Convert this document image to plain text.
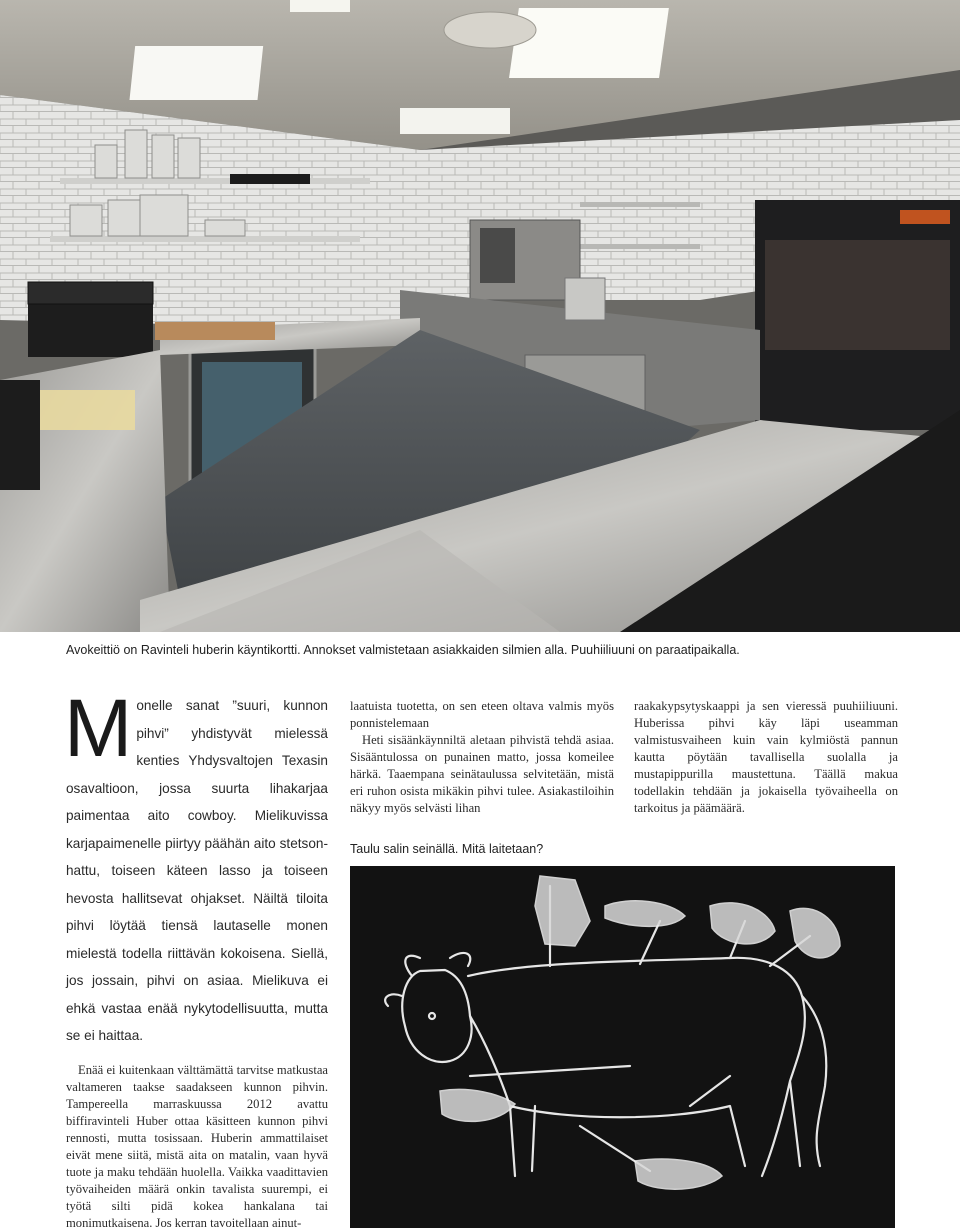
Avokeittiö on Ravinteli huberin käyntikortti. Annokset valmistetaan asiakkaiden silmien alla. Puuhiiliuuni on paraatipaikalla.

Monelle sanat ”suuri, kunnon pihvi” yhdistyvät mielessä kenties Yhdysvaltojen Texasin osavaltioon, jossa suurta lihakarjaa paimentaa aito cowboy. Mielikuvissa karjapaimenelle piirtyy päähän aito stetson-hattu, toiseen käteen lasso ja toiseen hevosta hallitsevat ohjakset. Näiltä tiloita pihvi löytää tiensä lautaselle monen mielestä todella riittävän kokoisena. Siellä, jos jossain, pihvi on asiaa. Mielikuva ei ehkä vastaa enää nykytodellisuutta, mutta se ei haittaa.

Enää ei kuitenkaan välttämättä tarvitse matkustaa valtameren taakse saadakseen kunnon pihvin. Tampereella marraskuussa 2012 avattu biffiravinteli Huber ottaa käsitteen kunnon pihvi rennosti, mutta tosissaan. Huberin ammattilaiset eivät mene siitä, mistä aita on matalin, vaan hyvä tuote ja maku tehdään huolella. Vaikka vaadittavien työvaiheiden määrä onkin tavalista suurempi, ei työtä silti pidä kokea hankalana tai monimutkaisena. Jos kerran tavoitellaan ainut-

laatuista tuotetta, on sen eteen oltava valmis myös ponnistelemaan
Heti sisäänkäynniltä aletaan pihvistä tehdä asiaa. Sisääntulossa on punainen matto, jossa komeilee härkä. Taaempana seinätaulussa selvitetään, mistä eri ruhon osista mikäkin pihvi tulee. Asiakastiloihin näkyy myös selvästi lihan

raakakypsytyskaappi ja sen vieressä puuhiiliuuni. Huberissa pihvi käy läpi useamman valmistusvaiheen kuin vain kylmiöstä pannun kautta pöytään tavallisella suolalla ja mustapippurilla maustettuna. Täällä makua todellakin tehdään ja jokaisella työvaiheella on tarkoitus ja päämäärä.

Taulu salin seinällä. Mitä laitetaan?
